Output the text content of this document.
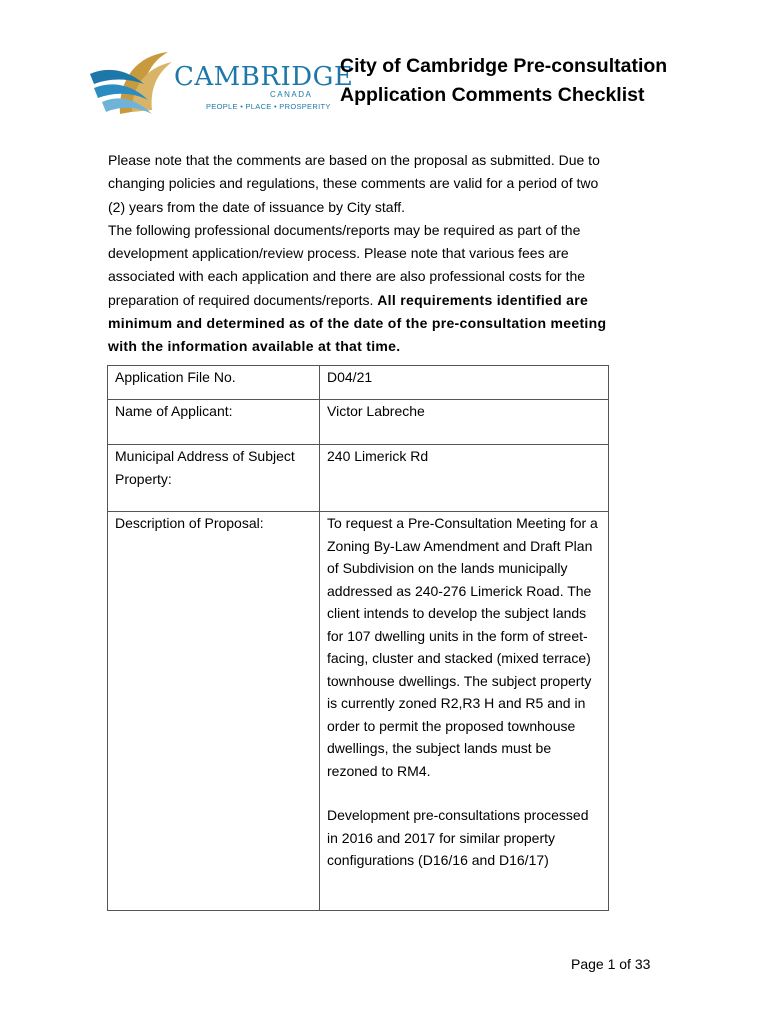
CAMBRIDGE
CANADA
PEOPLE • PLACE • PROSPERITY
City of Cambridge Pre-consultation
Application Comments Checklist

Please note that the comments are based on the proposal as submitted. Due to changing policies and regulations, these comments are valid for a period of two (2) years from the date of issuance by City staff.

The following professional documents/reports may be required as part of the development application/review process. Please note that various fees are associated with each application and there are also professional costs for the preparation of required documents/reports. All requirements identified are minimum and determined as of the date of the pre-consultation meeting with the information available at that time.

Application File No.	D04/21
Name of Applicant:	Victor Labreche
Municipal Address of Subject Property:	240 Limerick Rd
Description of Proposal:	To request a Pre-Consultation Meeting for a Zoning By-Law Amendment and Draft Plan of Subdivision on the lands municipally addressed as 240-276 Limerick Road. The client intends to develop the subject lands for 107 dwelling units in the form of street-facing, cluster and stacked (mixed terrace) townhouse dwellings. The subject property is currently zoned R2,R3 H and R5 and in order to permit the proposed townhouse dwellings, the subject lands must be rezoned to RM4.

Development pre-consultations processed in 2016 and 2017 for similar property configurations (D16/16 and D16/17)

Page 1 of 33
